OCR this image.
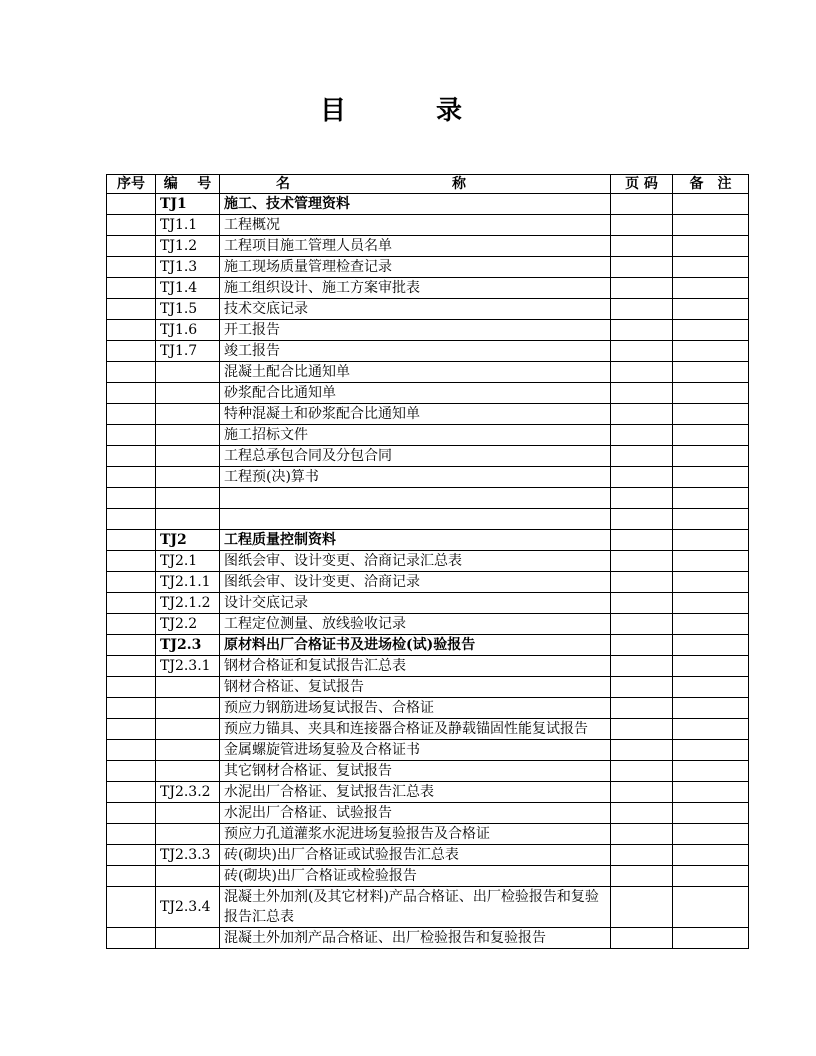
目	录
序号	编 号	名 称	页 码	备　注
	TJ1	施工、技术管理资料		
	TJ1.1	工程概况		
	TJ1.2	工程项目施工管理人员名单		
	TJ1.3	施工现场质量管理检查记录		
	TJ1.4	施工组织设计、施工方案审批表		
	TJ1.5	技术交底记录		
	TJ1.6	开工报告		
	TJ1.7	竣工报告		
		混凝土配合比通知单		
		砂浆配合比通知单		
		特种混凝土和砂浆配合比通知单		
		施工招标文件		
		工程总承包合同及分包合同		
		工程预(决)算书		

	TJ2	工程质量控制资料		
	TJ2.1	图纸会审、设计变更、洽商记录汇总表		
	TJ2.1.1	图纸会审、设计变更、洽商记录		
	TJ2.1.2	设计交底记录		
	TJ2.2	工程定位测量、放线验收记录		
	TJ2.3	原材料出厂合格证书及进场检(试)验报告		
	TJ2.3.1	钢材合格证和复试报告汇总表		
		钢材合格证、复试报告		
		预应力钢筋进场复试报告、合格证		
		预应力锚具、夹具和连接器合格证及静载锚固性能复试报告		
		金属螺旋管进场复验及合格证书		
		其它钢材合格证、复试报告		
	TJ2.3.2	水泥出厂合格证、复试报告汇总表		
		水泥出厂合格证、试验报告		
		预应力孔道灌浆水泥进场复验报告及合格证		
	TJ2.3.3	砖(砌块)出厂合格证或试验报告汇总表		
		砖(砌块)出厂合格证或检验报告		
	TJ2.3.4	混凝土外加剂(及其它材料)产品合格证、出厂检验报告和复验报告汇总表		
		混凝土外加剂产品合格证、出厂检验报告和复验报告		
